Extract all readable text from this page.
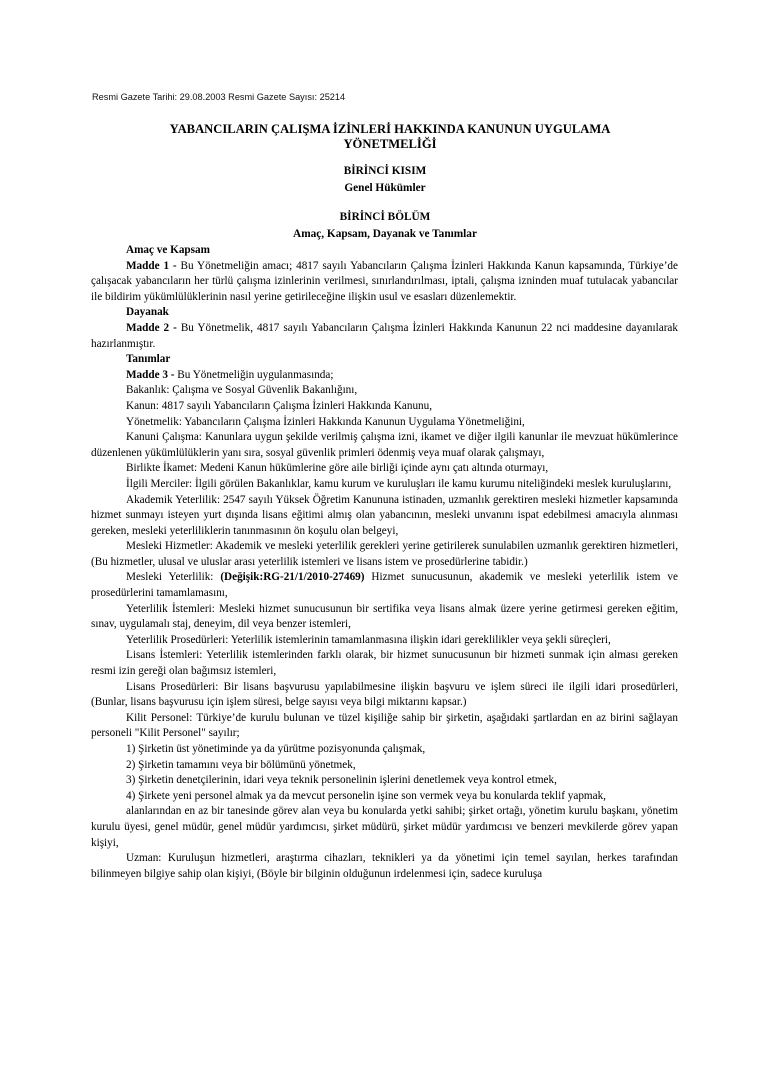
Resmi Gazete Tarihi: 29.08.2003 Resmi Gazete Sayısı: 25214
YABANCILARIN ÇALIŞMA İZİNLERİ HAKKINDA KANUNUN UYGULAMA
YÖNETMELİĞİ
BİRİNCİ KISIM
Genel Hükümler
BİRİNCİ BÖLÜM
Amaç, Kapsam, Dayanak ve Tanımlar
Amaç ve Kapsam

Madde 1 - Bu Yönetmeliğin amacı; 4817 sayılı Yabancıların Çalışma İzinleri Hakkında Kanun kapsamında, Türkiye’de çalışacak yabancıların her türlü çalışma izinlerinin verilmesi, sınırlandırılması, iptali, çalışma izninden muaf tutulacak yabancılar ile bildirim yükümlülüklerinin nasıl yerine getirileceğine ilişkin usul ve esasları düzenlemektir.

Dayanak

Madde 2 - Bu Yönetmelik, 4817 sayılı Yabancıların Çalışma İzinleri Hakkında Kanunun 22 nci maddesine dayanılarak hazırlanmıştır.

Tanımlar

Madde 3 - Bu Yönetmeliğin uygulanmasında;

Bakanlık: Çalışma ve Sosyal Güvenlik Bakanlığını,

Kanun: 4817 sayılı Yabancıların Çalışma İzinleri Hakkında Kanunu,

Yönetmelik: Yabancıların Çalışma İzinleri Hakkında Kanunun Uygulama Yönetmeliğini,

Kanuni Çalışma: Kanunlara uygun şekilde verilmiş çalışma izni, ikamet ve diğer ilgili kanunlar ile mevzuat hükümlerince düzenlenen yükümlülüklerin yanı sıra, sosyal güvenlik primleri ödenmiş veya muaf olarak çalışmayı,

Birlikte İkamet: Medeni Kanun hükümlerine göre aile birliği içinde aynı çatı altında oturmayı,

İlgili Merciler: İlgili görülen Bakanlıklar, kamu kurum ve kuruluşları ile kamu kurumu niteliğindeki meslek kuruluşlarını,

Akademik Yeterlilik: 2547 sayılı Yüksek Öğretim Kanununa istinaden, uzmanlık gerektiren mesleki hizmetler kapsamında hizmet sunmayı isteyen yurt dışında lisans eğitimi almış olan yabancının, mesleki unvanını ispat edebilmesi amacıyla alınması gereken, mesleki yeterliliklerin tanınmasının ön koşulu olan belgeyi,

Mesleki Hizmetler: Akademik ve mesleki yeterlilik gerekleri yerine getirilerek sunulabilen uzmanlık gerektiren hizmetleri, (Bu hizmetler, ulusal ve uluslar arası yeterlilik istemleri ve lisans istem ve prosedürlerine tabidir.)

Mesleki Yeterlilik: (Değişik:RG-21/1/2010-27469) Hizmet sunucusunun, akademik ve mesleki yeterlilik istem ve prosedürlerini tamamlamasını,

Yeterlilik İstemleri: Mesleki hizmet sunucusunun bir sertifika veya lisans almak üzere yerine getirmesi gereken eğitim, sınav, uygulamalı staj, deneyim, dil veya benzer istemleri,

Yeterlilik Prosedürleri: Yeterlilik istemlerinin tamamlanmasına ilişkin idari gereklilikler veya şekli süreçleri,

Lisans İstemleri: Yeterlilik istemlerinden farklı olarak, bir hizmet sunucusunun bir hizmeti sunmak için alması gereken resmi izin gereği olan bağımsız istemleri,

Lisans Prosedürleri: Bir lisans başvurusu yapılabilmesine ilişkin başvuru ve işlem süreci ile ilgili idari prosedürleri, (Bunlar, lisans başvurusu için işlem süresi, belge sayısı veya bilgi miktarını kapsar.)

Kilit Personel: Türkiye’de kurulu bulunan ve tüzel kişiliğe sahip bir şirketin, aşağıdaki şartlardan en az birini sağlayan personeli "Kilit Personel" sayılır;

1) Şirketin üst yönetiminde ya da yürütme pozisyonunda çalışmak,

2) Şirketin tamamını veya bir bölümünü yönetmek,

3) Şirketin denetçilerinin, idari veya teknik personelinin işlerini denetlemek veya kontrol etmek,

4) Şirkete yeni personel almak ya da mevcut personelin işine son vermek veya bu konularda teklif yapmak,

alanlarından en az bir tanesinde görev alan veya bu konularda yetki sahibi; şirket ortağı, yönetim kurulu başkanı, yönetim kurulu üyesi, genel müdür, genel müdür yardımcısı, şirket müdürü, şirket müdür yardımcısı ve benzeri mevkilerde görev yapan kişiyi,

Uzman: Kuruluşun hizmetleri, araştırma cihazları, teknikleri ya da yönetimi için temel sayılan, herkes tarafından bilinmeyen bilgiye sahip olan kişiyi, (Böyle bir bilginin olduğunun irdelenmesi için, sadece kuruluşa
